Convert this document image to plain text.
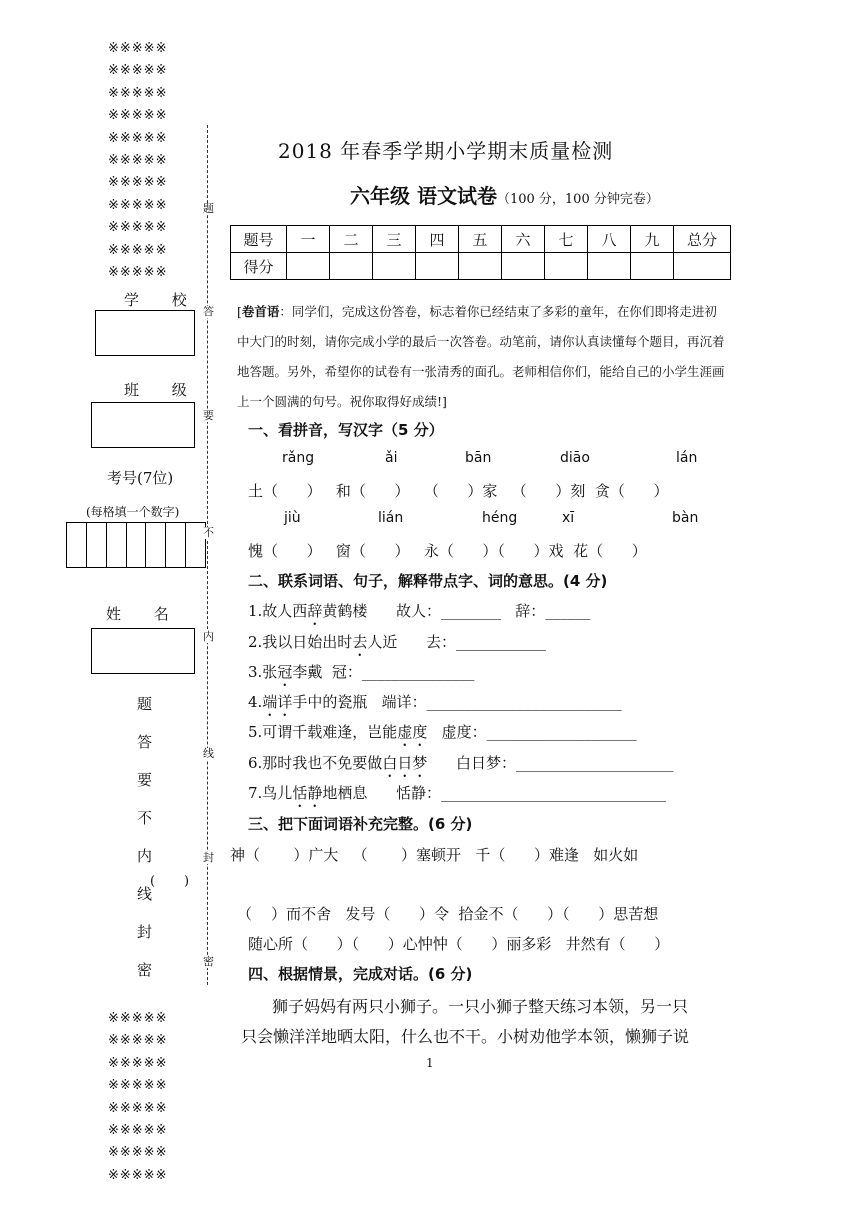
※※※※※
※※※※※
※※※※※
※※※※※
※※※※※
※※※※※
※※※※※
※※※※※
※※※※※
※※※※※
※※※※※
※※※※※
※※※※※
※※※※※
※※※※※
※※※※※
※※※※※
※※※※※
※※※※※
学 校
班 级
考号(7位)
(每格填一个数字)
姓 名
题
答
要
不
内
线
封
密
(       )
题
答
要
不
内
线
封
密
2018 年春季学期小学期末质量检测
六年级 语文试卷（100 分，100 分钟完卷）
题号	一	二	三	四	五	六	七	八	九	总分
得分										
[卷首语：同学们，完成这份答卷，标志着你已经结束了多彩的童年，在你们即将走进初中大门的时刻，请你完成小学的最后一次答卷。动笔前，请你认真读懂每个题目，再沉着地答题。另外，希望你的试卷有一张清秀的面孔。老师相信你们，能给自己的小学生涯画上一个圆满的句号。祝你取得好成绩!]
一、看拼音，写汉字（5 分）
rǎng	ǎi	bān	diāo	lán
土（      ）   和（      ）   （      ）家   （      ）刻  贪（      ）
jiù	lián	héng	xī	bàn
愧（      ）   窗（      ）   永（      ）（      ）戏  花（      ）
二、联系词语、句子，解释带点字、词的意思。(4 分)
1.故人西辞黄鹤楼 故人：________   辞：______
2.我以日始出时去人近 去：____________
3.张冠李戴 冠：_______________
4.端详手中的瓷瓶 端详：__________________________
5.可谓千载难逢，岂能虚度 虚度：____________________
6.那时我也不免要做白日梦 白日梦：_____________________
7.鸟儿恬静地栖息 恬静：______________________________
三、把下面词语补充完整。(6 分)
神（       ）广大   （       ）塞顿开   千（      ）难逢   如火如
（    ）而不舍   发号（      ）令  拾金不（      ）（      ）思苦想
随心所（      ）（      ）心忡忡（      ）丽多彩   井然有（      ）
四、根据情景，完成对话。(6 分)
狮子妈妈有两只小狮子。一只小狮子整天练习本领，另一只
只会懒洋洋地晒太阳，什么也不干。小树劝他学本领，懒狮子说
1
